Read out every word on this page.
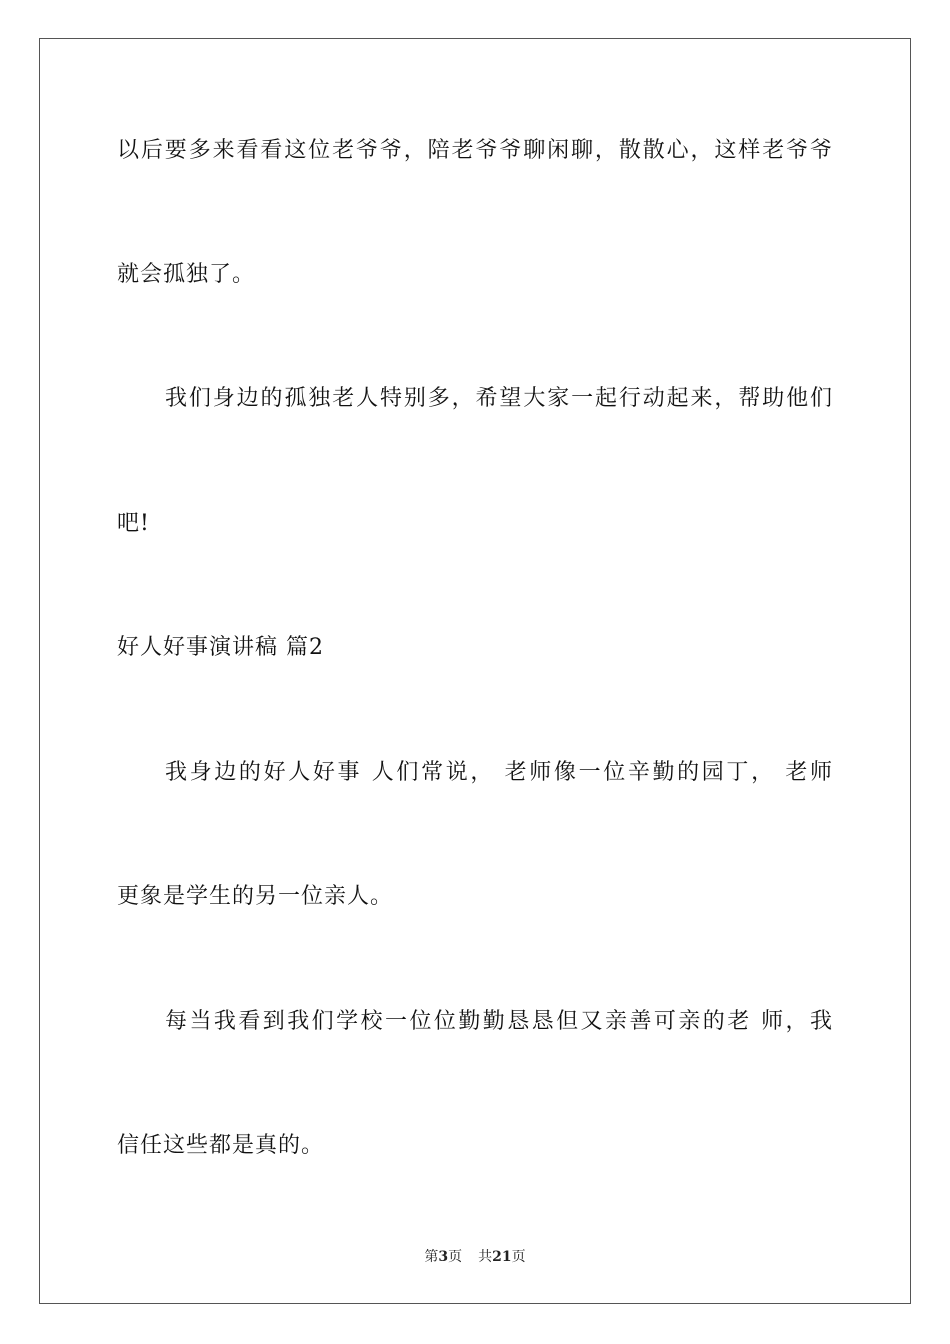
以后要多来看看这位老爷爷，陪老爷爷聊闲聊，散散心，这样老爷爷
就会孤独了。
我们身边的孤独老人特别多，希望大家一起行动起来，帮助他们
吧!
好人好事演讲稿 篇2
我身边的好人好事 人们常说， 老师像一位辛勤的园丁， 老师
更象是学生的另一位亲人。
每当我看到我们学校一位位勤勤恳恳但又亲善可亲的老 师，我
信任这些都是真的。
第3页 共21页
